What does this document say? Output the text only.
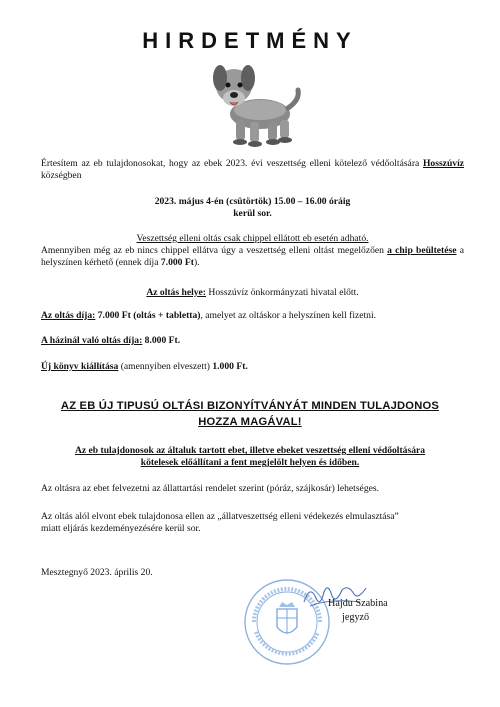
HIRDETMÉNY
Értesítem az eb tulajdonosokat, hogy az ebek 2023. évi veszettség elleni kötelező védőoltására Hosszúvíz községben
2023. május 4-én (csütörtök) 15.00 – 16.00 óráig
kerül sor.
Veszettség elleni oltás csak chippel ellátott eb esetén adható.
Amennyiben még az eb nincs chippel ellátva úgy a veszettség elleni oltást megelőzően a chip beültetése a helyszínen kérhető (ennek díja 7.000 Ft).
Az oltás helye: Hosszúvíz önkormányzati hivatal előtt.
Az oltás díja: 7.000 Ft (oltás + tabletta), amelyet az oltáskor a helyszínen kell fizetni.
A házinál való oltás díja: 8.000 Ft.
Új könyv kiállítása (amennyiben elveszett) 1.000 Ft.
AZ EB ÚJ TIPUSÚ OLTÁSI BIZONYÍTVÁNYÁT MINDEN TULAJDONOS
HOZZA MAGÁVAL!
Az eb tulajdonosok az általuk tartott ebet, illetve ebeket veszettség elleni védőoltására
kötelesek előállítani a fent megjelölt helyen és időben.
Az oltásra az ebet felvezetni az állattartási rendelet szerint (póráz, szájkosár) lehetséges.
Az oltás alól elvont ebek tulajdonosa ellen az „állatveszettség elleni védekezés elmulasztása”
miatt eljárás kezdeményezésére kerül sor.
Mesztegnyő 2023. április 20.
Hajdu Szabina
jegyző
